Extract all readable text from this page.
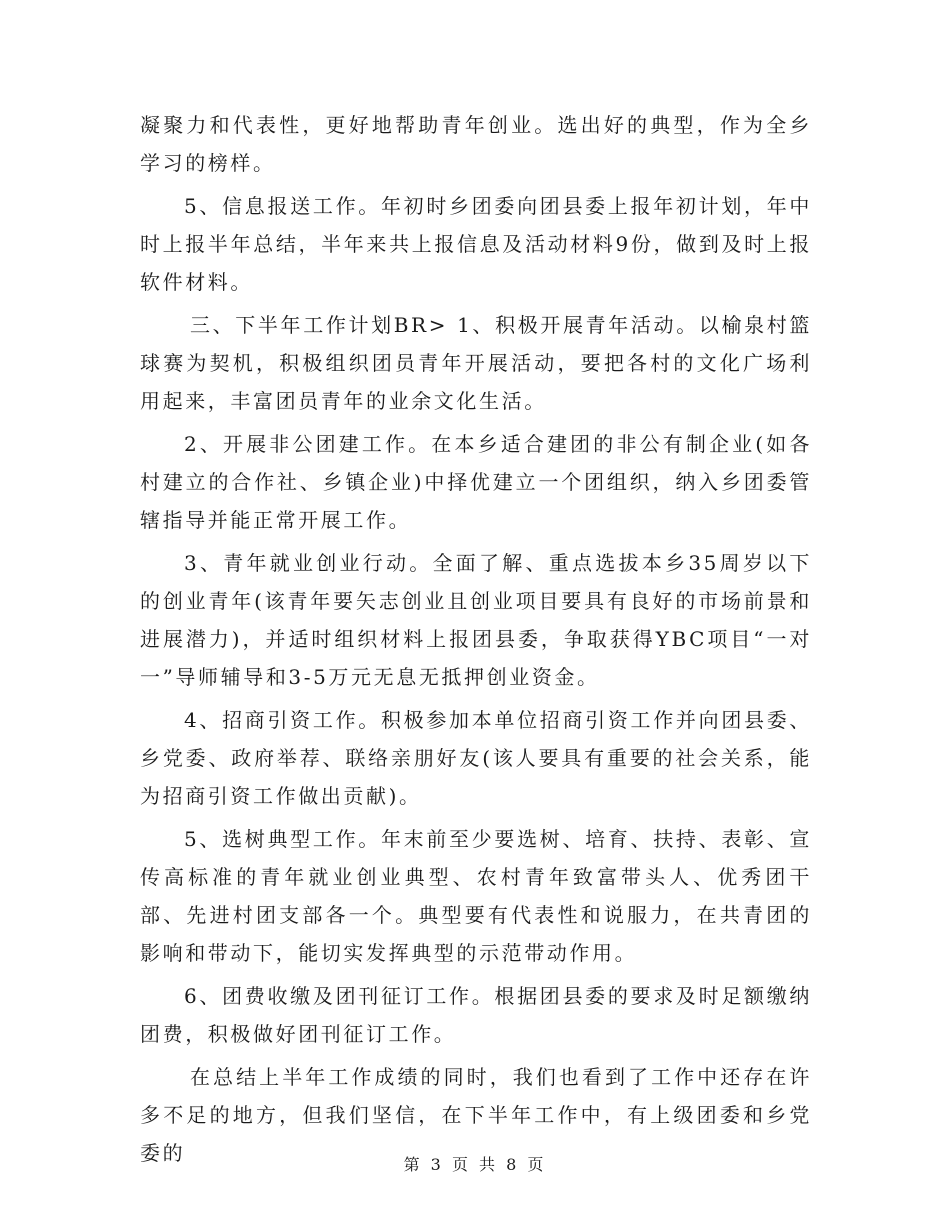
凝聚力和代表性，更好地帮助青年创业。选出好的典型，作为全乡学习的榜样。

5、信息报送工作。年初时乡团委向团县委上报年初计划，年中时上报半年总结，半年来共上报信息及活动材料9份，做到及时上报软件材料。

三、下半年工作计划BR> 1、积极开展青年活动。以榆泉村篮球赛为契机，积极组织团员青年开展活动，要把各村的文化广场利用起来，丰富团员青年的业余文化生活。

2、开展非公团建工作。在本乡适合建团的非公有制企业(如各村建立的合作社、乡镇企业)中择优建立一个团组织，纳入乡团委管辖指导并能正常开展工作。

3、青年就业创业行动。全面了解、重点选拔本乡35周岁以下的创业青年(该青年要矢志创业且创业项目要具有良好的市场前景和进展潜力)，并适时组织材料上报团县委，争取获得YBC项目“一对一”导师辅导和3-5万元无息无抵押创业资金。

4、招商引资工作。积极参加本单位招商引资工作并向团县委、乡党委、政府举荐、联络亲朋好友(该人要具有重要的社会关系，能为招商引资工作做出贡献)。

5、选树典型工作。年末前至少要选树、培育、扶持、表彰、宣传高标准的青年就业创业典型、农村青年致富带头人、优秀团干部、先进村团支部各一个。典型要有代表性和说服力，在共青团的影响和带动下，能切实发挥典型的示范带动作用。

6、团费收缴及团刊征订工作。根据团县委的要求及时足额缴纳团费，积极做好团刊征订工作。

在总结上半年工作成绩的同时，我们也看到了工作中还存在许多不足的地方，但我们坚信，在下半年工作中，有上级团委和乡党委的	第 3 页 共 8 页
